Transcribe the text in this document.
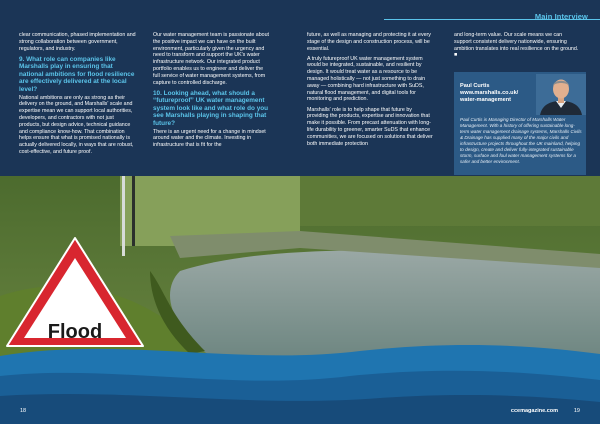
Main Interview

clear communication, phased implementation and strong collaboration between government, regulators, and industry.

9. What role can companies like Marshalls play in ensuring that national ambitions for flood resilience are effectively delivered at the local level?

National ambitions are only as strong as their delivery on the ground, and Marshalls' scale and expertise mean we can support local authorities, developers, and contractors with not just products, but design advice, technical guidance and compliance know-how. That combination helps ensure that what is promised nationally is actually delivered locally, in ways that are robust, cost-effective, and future proof.

Our water management team is passionate about the positive impact we can have on the built environment, particularly given the urgency and need to transform and support the UK's water infrastructure network. Our integrated product portfolio enables us to engineer and deliver the full service of water management systems, from capture to controlled discharge.

10. Looking ahead, what should a “futureproof” UK water management system look like and what role do you see Marshalls playing in shaping that future?

There is an urgent need for a change in mindset around water and the climate. Investing in infrastructure that is fit for the

future, as well as managing and protecting it at every stage of the design and construction process, will be essential.

A truly futureproof UK water management system would be integrated, sustainable, and resilient by design. It would treat water as a resource to be managed holistically — not just something to drain away — combining hard infrastructure with SuDS, natural flood management, and digital tools for monitoring and prediction.

Marshalls' role is to help shape that future by providing the products, expertise and innovation that make it possible. From precast attenuation with long-life durability to greener, smarter SuDS that enhance communities, we are focused on solutions that deliver both immediate protection

and long-term value. Our scale means we can support consistent delivery nationwide, ensuring ambition translates into real resilience on the ground. ■

Paul Curtis
www.marshalls.co.uk/
water-management
Paul Curtis is Managing Director of Marshalls Water Management. With a history of offering sustainable long-term water management drainage systems, Marshalls Civils & Drainage has supplied many of the major civils and infrastructure projects throughout the UK mainland, helping to design, create and deliver fully-integrated sustainable storm, surface and foul water management systems for a safer and better environment.
Flood
18	ccemagazine.com	19
